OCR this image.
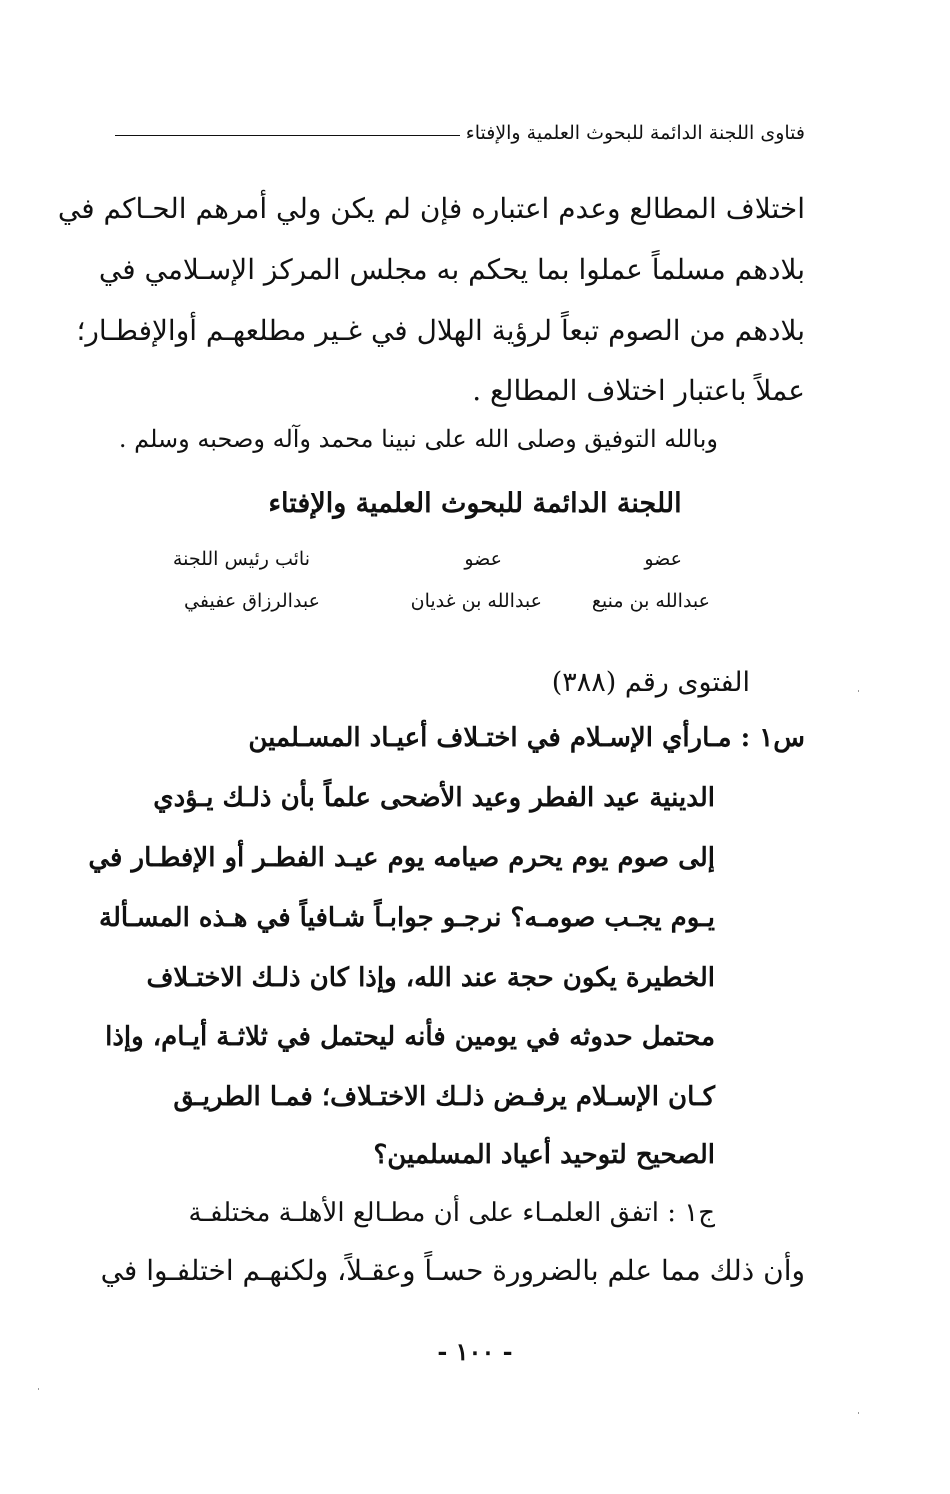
فتاوى اللجنة الدائمة للبحوث العلمية والإفتاء
اختلاف المطالع وعدم اعتباره فإن لم يكن ولي أمرهم الحـاكم في
بلادهم مسلماً عملوا بما يحكم به مجلس المركز الإسـلامي في
بلادهم من الصوم تبعاً لرؤية الهلال في غـير مطلعهـم أوالإفطـار؛
عملاً باعتبار اختلاف المطالع .
وبالله التوفيق وصلى الله على نبينا محمد وآله وصحبه وسلم .
اللجنة الدائمة للبحوث العلمية والإفتاء
عضو
عبدالله بن منيع
عضو
عبدالله بن غديان
نائب رئيس اللجنة
عبدالرزاق عفيفي
الفتوى رقم (٣٨٨)
س١ : مـارأي الإسـلام في اختـلاف أعيـاد المسـلمين
الدينية عيد الفطر وعيد الأضحى علماً بأن ذلـك يـؤدي
إلى صوم يوم يحرم صيامه يوم عيـد الفطـر أو الإفطـار في
يـوم يجـب صومـه؟ نرجـو جوابـاً شـافياً في هـذه المسـألة
الخطيرة يكون حجة عند الله، وإذا كان ذلـك الاختـلاف
محتمل حدوثه في يومين فأنه ليحتمل في ثلاثـة أيـام، وإذا
كـان الإسـلام يرفـض ذلـك الاختـلاف؛ فمـا الطريـق
الصحيح لتوحيد أعياد المسلمين؟
ج١ : اتفق العلمـاء على أن مطـالع الأهلـة مختلفـة
وأن ذلك مما علم بالضرورة حسـاً وعقـلاً، ولكنهـم اختلفـوا في
- ١٠٠ -
